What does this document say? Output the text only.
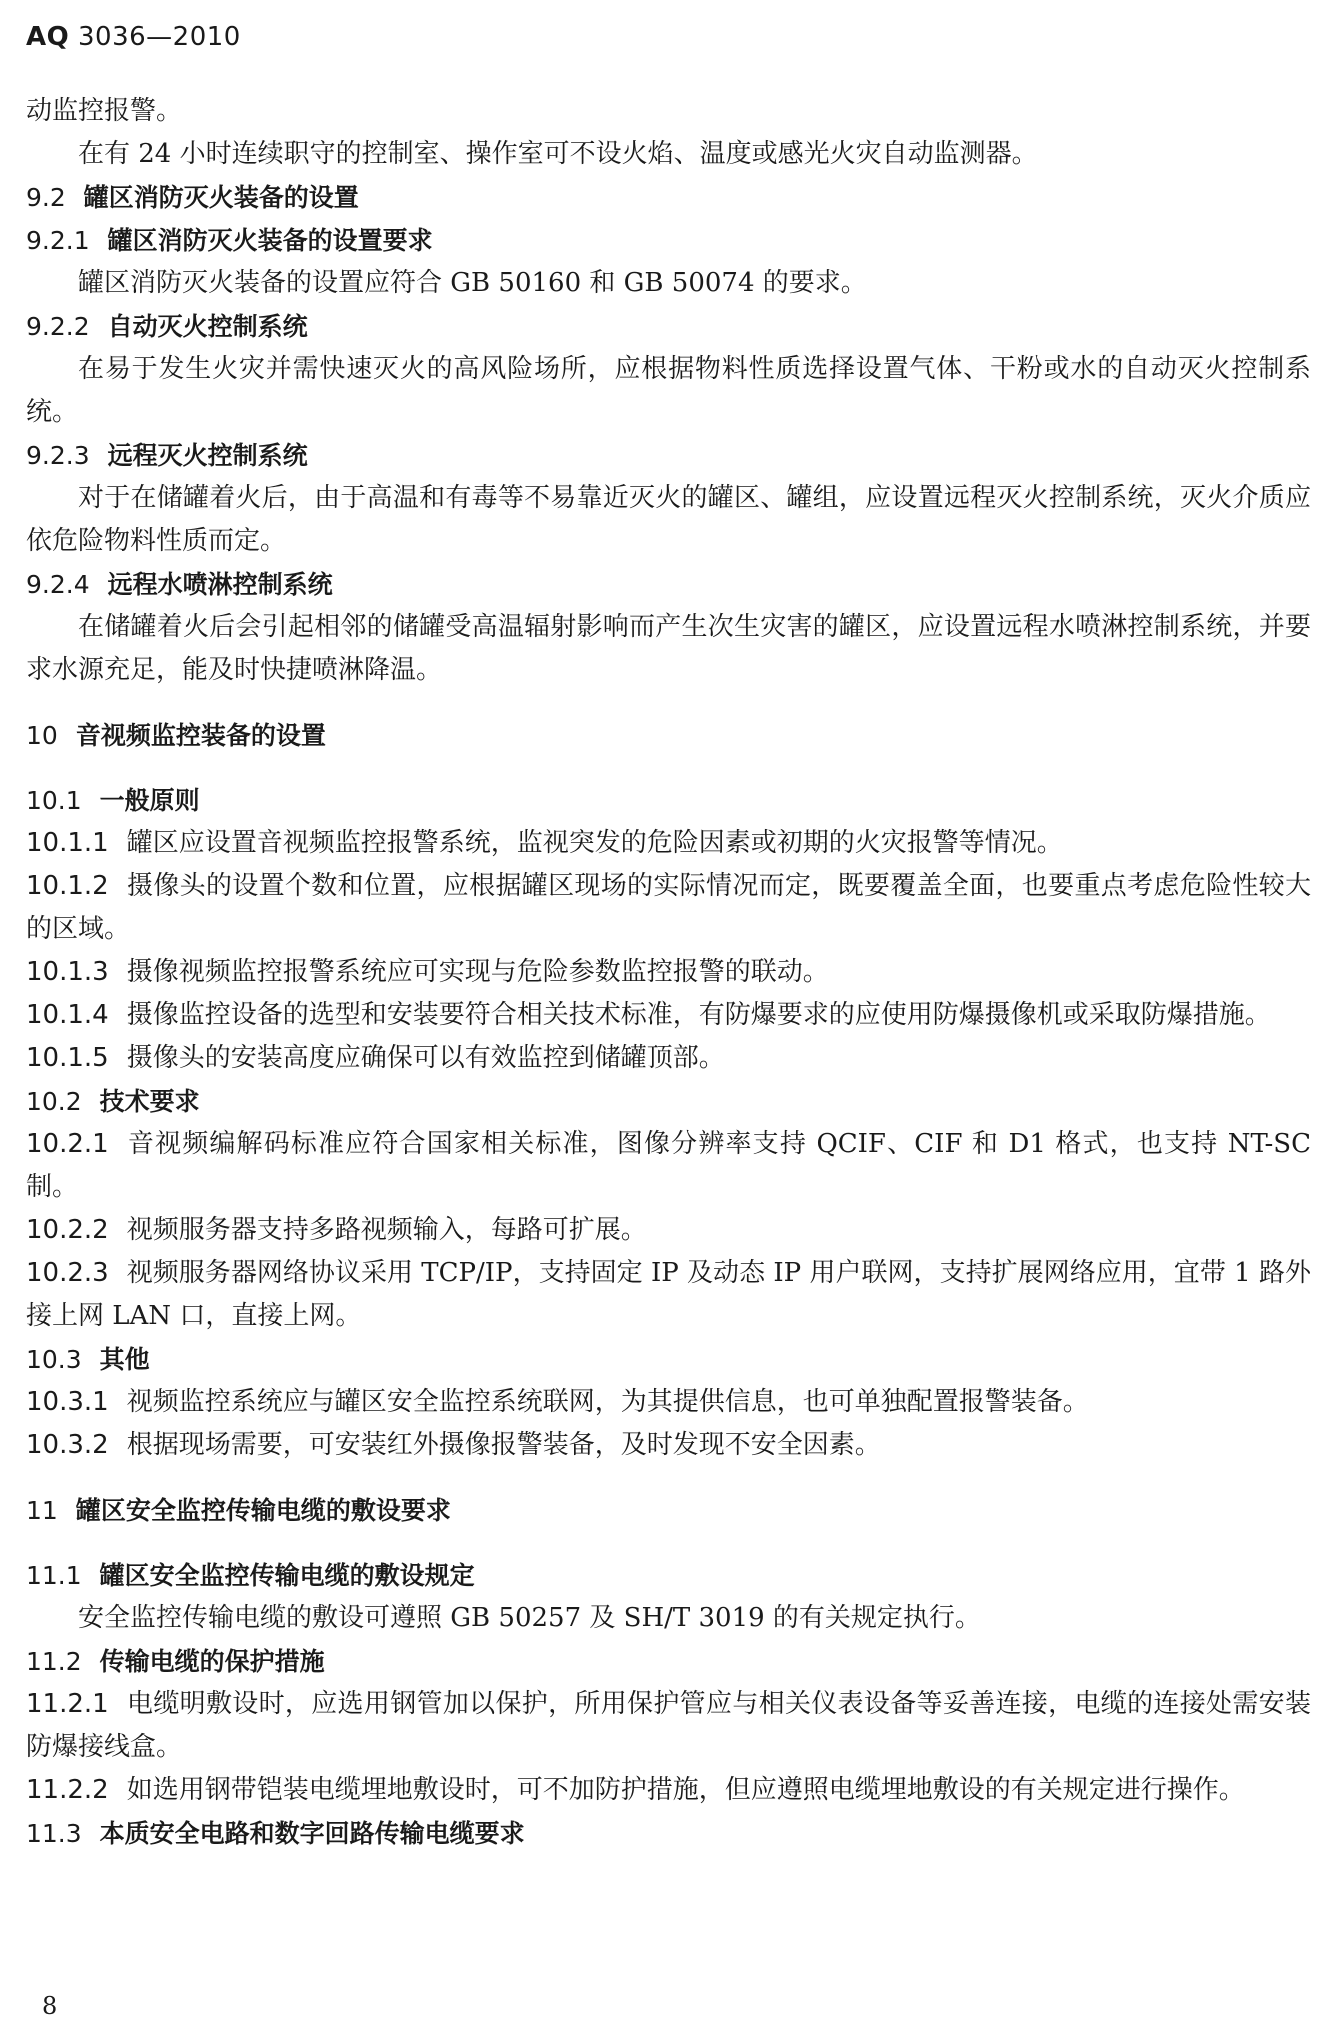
AQ 3036—2010
动监控报警。
在有 24 小时连续职守的控制室、操作室可不设火焰、温度或感光火灾自动监测器。
9.2 罐区消防灭火装备的设置
9.2.1 罐区消防灭火装备的设置要求
罐区消防灭火装备的设置应符合 GB 50160 和 GB 50074 的要求。
9.2.2 自动灭火控制系统
在易于发生火灾并需快速灭火的高风险场所，应根据物料性质选择设置气体、干粉或水的自动灭火控制系统。
9.2.3 远程灭火控制系统
对于在储罐着火后，由于高温和有毒等不易靠近灭火的罐区、罐组，应设置远程灭火控制系统，灭火介质应依危险物料性质而定。
9.2.4 远程水喷淋控制系统
在储罐着火后会引起相邻的储罐受高温辐射影响而产生次生灾害的罐区，应设置远程水喷淋控制系统，并要求水源充足，能及时快捷喷淋降温。
10 音视频监控装备的设置
10.1 一般原则
10.1.1 罐区应设置音视频监控报警系统，监视突发的危险因素或初期的火灾报警等情况。
10.1.2 摄像头的设置个数和位置，应根据罐区现场的实际情况而定，既要覆盖全面，也要重点考虑危险性较大的区域。
10.1.3 摄像视频监控报警系统应可实现与危险参数监控报警的联动。
10.1.4 摄像监控设备的选型和安装要符合相关技术标准，有防爆要求的应使用防爆摄像机或采取防爆措施。
10.1.5 摄像头的安装高度应确保可以有效监控到储罐顶部。
10.2 技术要求
10.2.1 音视频编解码标准应符合国家相关标准，图像分辨率支持 QCIF、CIF 和 D1 格式，也支持 NT-SC 制。
10.2.2 视频服务器支持多路视频输入，每路可扩展。
10.2.3 视频服务器网络协议采用 TCP/IP，支持固定 IP 及动态 IP 用户联网，支持扩展网络应用，宜带 1 路外接上网 LAN 口，直接上网。
10.3 其他
10.3.1 视频监控系统应与罐区安全监控系统联网，为其提供信息，也可单独配置报警装备。
10.3.2 根据现场需要，可安装红外摄像报警装备，及时发现不安全因素。
11 罐区安全监控传输电缆的敷设要求
11.1 罐区安全监控传输电缆的敷设规定
安全监控传输电缆的敷设可遵照 GB 50257 及 SH/T 3019 的有关规定执行。
11.2 传输电缆的保护措施
11.2.1 电缆明敷设时，应选用钢管加以保护，所用保护管应与相关仪表设备等妥善连接，电缆的连接处需安装防爆接线盒。
11.2.2 如选用钢带铠装电缆埋地敷设时，可不加防护措施，但应遵照电缆埋地敷设的有关规定进行操作。
11.3 本质安全电路和数字回路传输电缆要求
8
